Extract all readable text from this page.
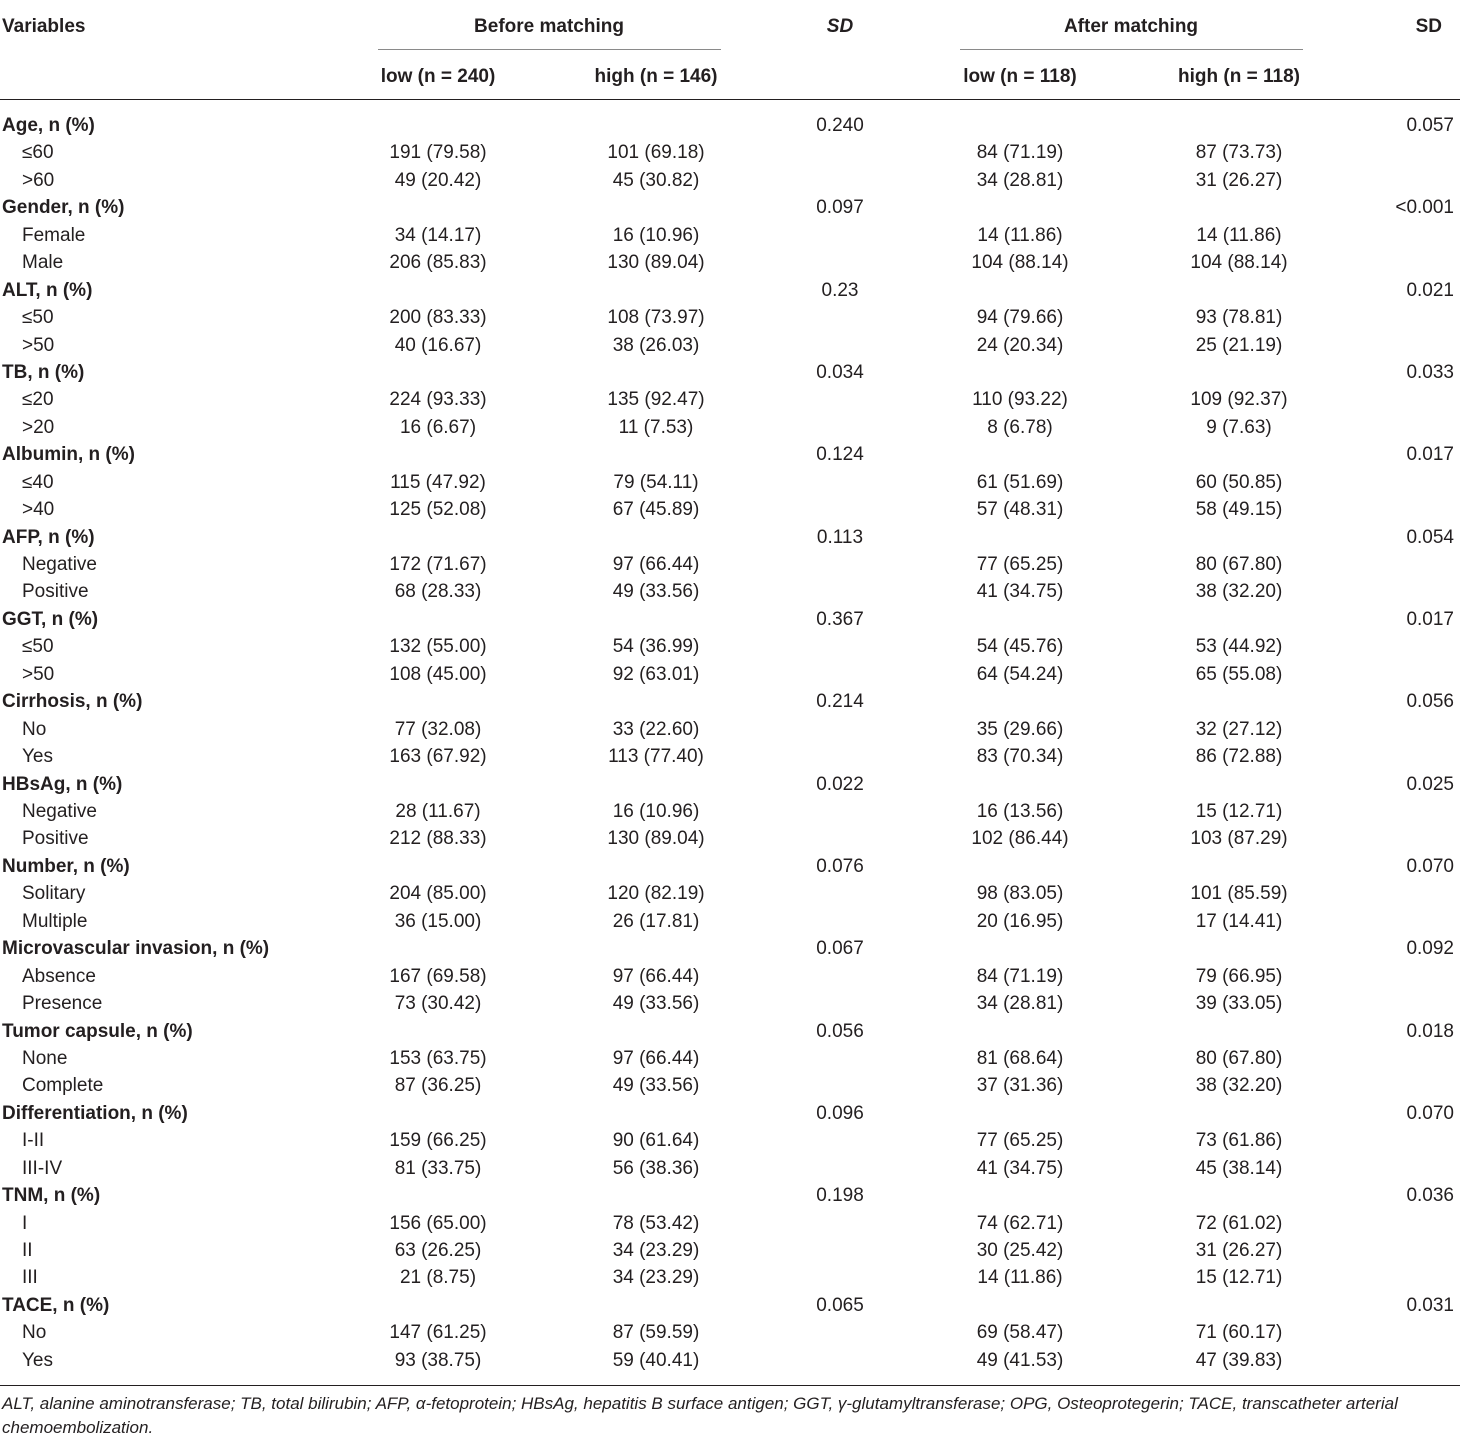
Variables	Before matching	SD	After matching	SD
low (n = 240)	high (n = 146)	low (n = 118)	high (n = 118)
Age, n (%)	0.240	0.057
≤60	191 (79.58)	101 (69.18)	84 (71.19)	87 (73.73)
>60	49 (20.42)	45 (30.82)	34 (28.81)	31 (26.27)
Gender, n (%)	0.097	<0.001
Female	34 (14.17)	16 (10.96)	14 (11.86)	14 (11.86)
Male	206 (85.83)	130 (89.04)	104 (88.14)	104 (88.14)
ALT, n (%)	0.23	0.021
≤50	200 (83.33)	108 (73.97)	94 (79.66)	93 (78.81)
>50	40 (16.67)	38 (26.03)	24 (20.34)	25 (21.19)
TB, n (%)	0.034	0.033
≤20	224 (93.33)	135 (92.47)	110 (93.22)	109 (92.37)
>20	16 (6.67)	11 (7.53)	8 (6.78)	9 (7.63)
Albumin, n (%)	0.124	0.017
≤40	115 (47.92)	79 (54.11)	61 (51.69)	60 (50.85)
>40	125 (52.08)	67 (45.89)	57 (48.31)	58 (49.15)
AFP, n (%)	0.113	0.054
Negative	172 (71.67)	97 (66.44)	77 (65.25)	80 (67.80)
Positive	68 (28.33)	49 (33.56)	41 (34.75)	38 (32.20)
GGT, n (%)	0.367	0.017
≤50	132 (55.00)	54 (36.99)	54 (45.76)	53 (44.92)
>50	108 (45.00)	92 (63.01)	64 (54.24)	65 (55.08)
Cirrhosis, n (%)	0.214	0.056
No	77 (32.08)	33 (22.60)	35 (29.66)	32 (27.12)
Yes	163 (67.92)	113 (77.40)	83 (70.34)	86 (72.88)
HBsAg, n (%)	0.022	0.025
Negative	28 (11.67)	16 (10.96)	16 (13.56)	15 (12.71)
Positive	212 (88.33)	130 (89.04)	102 (86.44)	103 (87.29)
Number, n (%)	0.076	0.070
Solitary	204 (85.00)	120 (82.19)	98 (83.05)	101 (85.59)
Multiple	36 (15.00)	26 (17.81)	20 (16.95)	17 (14.41)
Microvascular invasion, n (%)	0.067	0.092
Absence	167 (69.58)	97 (66.44)	84 (71.19)	79 (66.95)
Presence	73 (30.42)	49 (33.56)	34 (28.81)	39 (33.05)
Tumor capsule, n (%)	0.056	0.018
None	153 (63.75)	97 (66.44)	81 (68.64)	80 (67.80)
Complete	87 (36.25)	49 (33.56)	37 (31.36)	38 (32.20)
Differentiation, n (%)	0.096	0.070
I-II	159 (66.25)	90 (61.64)	77 (65.25)	73 (61.86)
III-IV	81 (33.75)	56 (38.36)	41 (34.75)	45 (38.14)
TNM, n (%)	0.198	0.036
I	156 (65.00)	78 (53.42)	74 (62.71)	72 (61.02)
II	63 (26.25)	34 (23.29)	30 (25.42)	31 (26.27)
III	21 (8.75)	34 (23.29)	14 (11.86)	15 (12.71)
TACE, n (%)	0.065	0.031
No	147 (61.25)	87 (59.59)	69 (58.47)	71 (60.17)
Yes	93 (38.75)	59 (40.41)	49 (41.53)	47 (39.83)
ALT, alanine aminotransferase; TB, total bilirubin; AFP, α-fetoprotein; HBsAg, hepatitis B surface antigen; GGT, γ-glutamyltransferase; OPG, Osteoprotegerin; TACE, transcatheter arterial chemoembolization.
